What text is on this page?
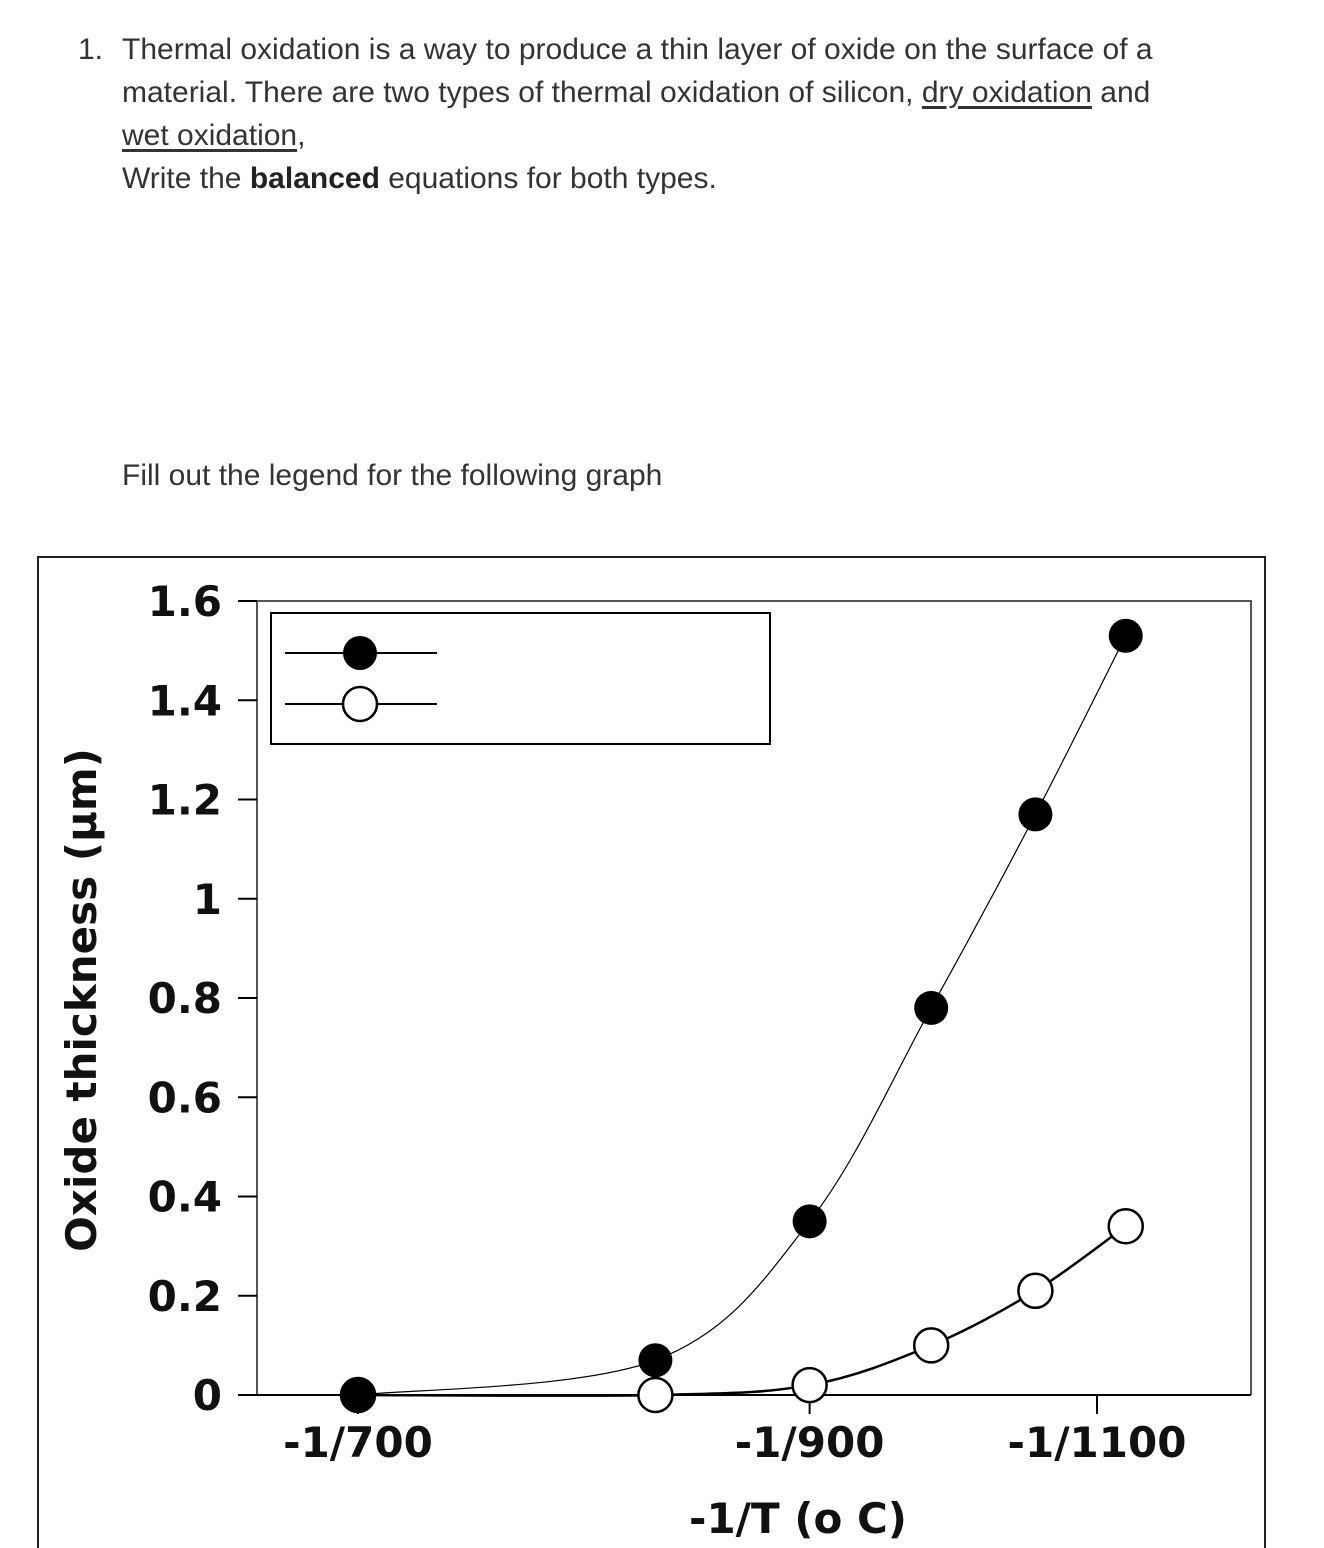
1. Thermal oxidation is a way to produce a thin layer of oxide on the surface of a material. There are two types of thermal oxidation of silicon, dry oxidation and
wet oxidation,
Write the balanced equations for both types.
Fill out the legend for the following graph
0
0.2
0.4
0.6
0.8
1
1.2
1.4
1.6
-1/700	-1/900	-1/1100
Oxide thickness (μm)
-1/T (o C)
